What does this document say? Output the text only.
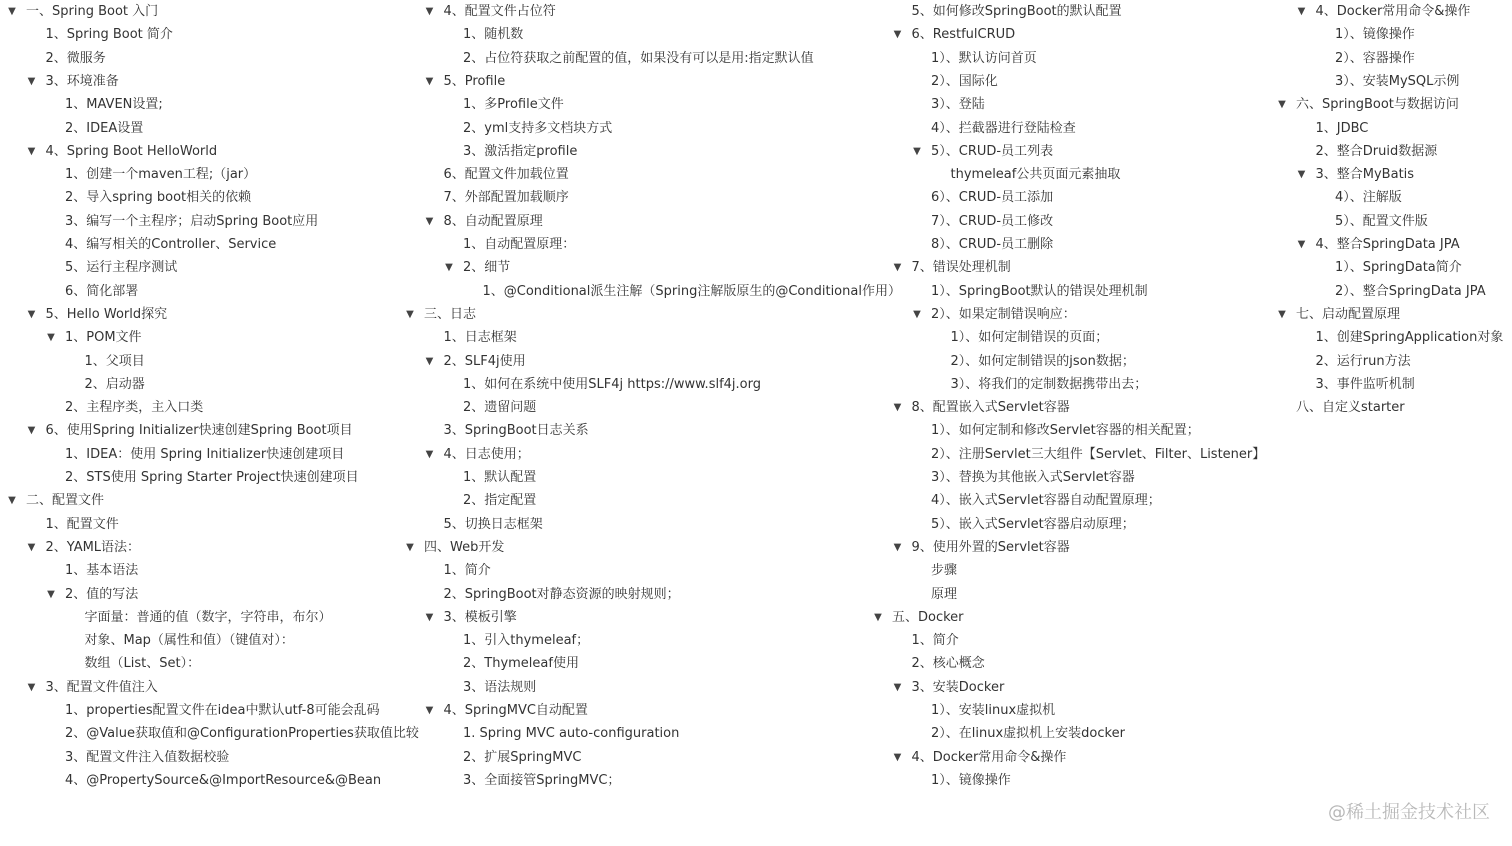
▼ 一、Spring Boot 入门
1、Spring Boot 简介
2、微服务
▼ 3、环境准备
1、MAVEN设置;
2、IDEA设置
▼ 4、Spring Boot HelloWorld
1、创建一个maven工程;（jar）
2、导入spring boot相关的依赖
3、编写一个主程序；启动Spring Boot应用
4、编写相关的Controller、Service
5、运行主程序测试
6、简化部署
▼ 5、Hello World探究
▼ 1、POM文件
1、父项目
2、启动器
2、主程序类，主入口类
▼ 6、使用Spring Initializer快速创建Spring Boot项目
1、IDEA：使用 Spring Initializer快速创建项目
2、STS使用 Spring Starter Project快速创建项目
▼ 二、配置文件
1、配置文件
▼ 2、YAML语法：
1、基本语法
▼ 2、值的写法
字面量：普通的值（数字，字符串，布尔）
对象、Map（属性和值）（键值对）：
数组（List、Set）：
▼ 3、配置文件值注入
1、properties配置文件在idea中默认utf-8可能会乱码
2、@Value获取值和@ConfigurationProperties获取值比较
3、配置文件注入值数据校验
4、@PropertySource&@ImportResource&@Bean
▼ 4、配置文件占位符
1、随机数
2、占位符获取之前配置的值，如果没有可以是用:指定默认值
▼ 5、Profile
1、多Profile文件
2、yml支持多文档块方式
3、激活指定profile
6、配置文件加载位置
7、外部配置加载顺序
▼ 8、自动配置原理
1、自动配置原理：
▼ 2、细节
1、@Conditional派生注解（Spring注解版原生的@Conditional作用）
▼ 三、日志
1、日志框架
▼ 2、SLF4j使用
1、如何在系统中使用SLF4j https://www.slf4j.org
2、遗留问题
3、SpringBoot日志关系
▼ 4、日志使用；
1、默认配置
2、指定配置
5、切换日志框架
▼ 四、Web开发
1、简介
2、SpringBoot对静态资源的映射规则；
▼ 3、模板引擎
1、引入thymeleaf；
2、Thymeleaf使用
3、语法规则
▼ 4、SpringMVC自动配置
1. Spring MVC auto-configuration
2、扩展SpringMVC
3、全面接管SpringMVC；
5、如何修改SpringBoot的默认配置
▼ 6、RestfulCRUD
1）、默认访问首页
2）、国际化
3）、登陆
4）、拦截器进行登陆检查
▼ 5）、CRUD-员工列表
thymeleaf公共页面元素抽取
6）、CRUD-员工添加
7）、CRUD-员工修改
8）、CRUD-员工删除
▼ 7、错误处理机制
1）、SpringBoot默认的错误处理机制
▼ 2）、如果定制错误响应：
1）、如何定制错误的页面；
2）、如何定制错误的json数据；
3）、将我们的定制数据携带出去；
▼ 8、配置嵌入式Servlet容器
1）、如何定制和修改Servlet容器的相关配置；
2）、注册Servlet三大组件【Servlet、Filter、Listener】
3）、替换为其他嵌入式Servlet容器
4）、嵌入式Servlet容器自动配置原理；
5）、嵌入式Servlet容器启动原理；
▼ 9、使用外置的Servlet容器
步骤
原理
▼ 五、Docker
1、简介
2、核心概念
▼ 3、安装Docker
1）、安装linux虚拟机
2）、在linux虚拟机上安装docker
▼ 4、Docker常用命令&操作
1）、镜像操作
▼ 4、Docker常用命令&操作
1）、镜像操作
2）、容器操作
3）、安装MySQL示例
▼ 六、SpringBoot与数据访问
1、JDBC
2、整合Druid数据源
▼ 3、整合MyBatis
4）、注解版
5）、配置文件版
▼ 4、整合SpringData JPA
1）、SpringData简介
2）、整合SpringData JPA
▼ 七、启动配置原理
1、创建SpringApplication对象
2、运行run方法
3、事件监听机制
八、自定义starter
@稀土掘金技术社区
